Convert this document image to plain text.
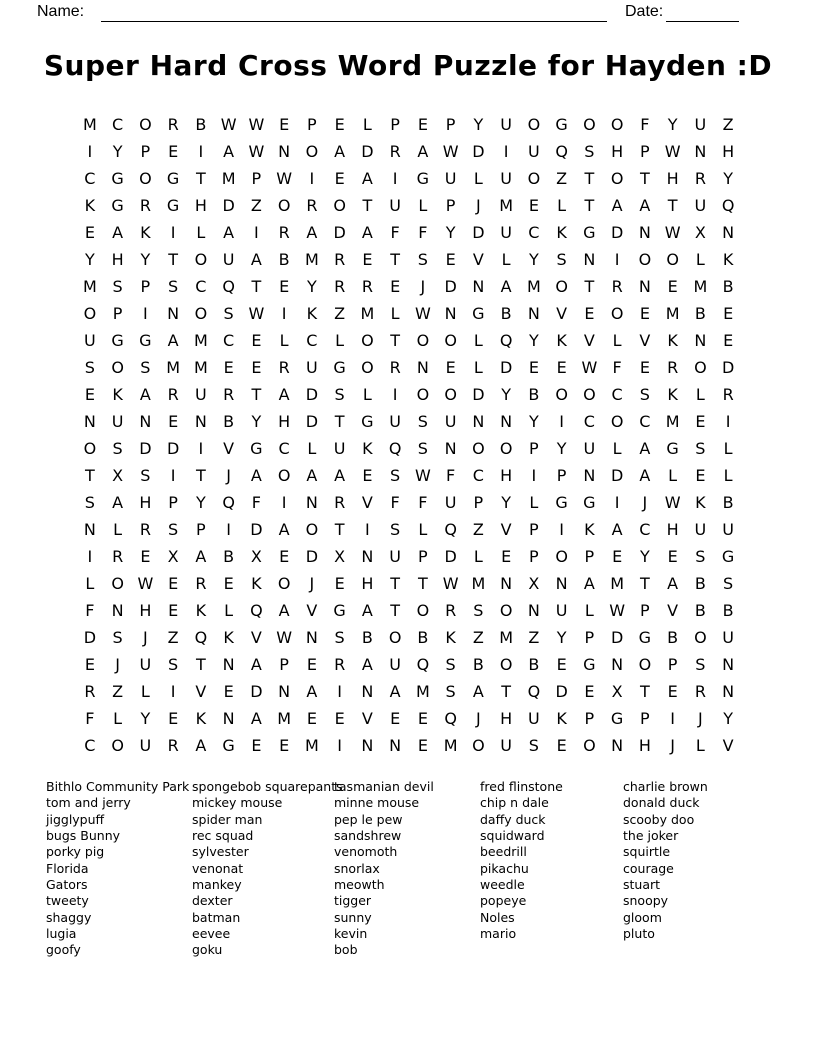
Name:	Date:
Super Hard Cross Word Puzzle for Hayden :D
M C O R	B W W E	P	E	L	P	E	P	Y	U O G O O	F	Y	U	Z
I	Y	P	E	I	A W N O A	D	R	A W D	I	U Q	S	H	P W N H
C G O G	T M	P W	I	E	A	I	G U	L	U O Z	T	O	T	H	R	Y
K	G R G H D	Z O R O	T	U	L	P	J	M E	L	T	A	A	T	U Q
E	A	K	I	L	A	I	R	A	D	A	F	F	Y	D U	C	K	G D N W X	N
Y	H	Y	T	O U	A	B M R	E	T	S	E	V	L	Y	S	N	I	O O	L	K
M S	P	S	C Q	T	E	Y	R	R	E	J	D N	A M O	T	R	N	E M B
O	P	I	N O	S W	I	K	Z M	L W N G	B	N	V	E	O	E M B	E
U G G	A M C	E	L	C	L	O	T	O O	L	Q	Y	K	V	L	V	K	N	E
S	O	S M M E	E	R	U G O R	N	E	L	D	E	E W F	E	R O D
E	K	A	R	U	R	T	A	D	S	L	I	O O D	Y	B O O C	S	K	L	R
N U N	E	N	B	Y	H D	T	G U	S	U N N	Y	I	C O C M E	I
O	S	D D	I	V	G C	L	U	K	Q	S	N O O	P	Y	U	L	A	G	S	L
T	X	S	I	T	J	A O A	A	E	S W F	C	H	I	P	N D	A	L	E	L
S	A	H	P	Y	Q	F	I	N	R	V	F	F	U	P	Y	L	G G	I	J	W K	B
N	L	R	S	P	I	D	A O	T	I	S	L	Q Z	V	P	I	K	A	C	H U	U
I	R	E	X	A	B	X	E	D	X	N U	P	D	L	E	P	O	P	E	Y	E	S	G
L	O W E	R	E	K	O	J	E	H	T	T W M N	X	N	A M T	A	B	S
F	N H	E	K	L	Q A	V	G	A	T	O R	S	O N U	L W P	V	B	B
D	S	J	Z Q	K	V W N	S	B O B	K	Z M Z	Y	P	D G	B O U
E	J	U	S	T	N	A	P	E	R	A	U Q	S	B O B	E	G N O	P	S	N
R	Z	L	I	V	E	D N	A	I	N	A M S	A	T	Q D	E	X	T	E	R	N
F	L	Y	E	K	N	A M E	E	V	E	E	Q	J	H U	K	P	G	P	I	J	Y
C O U	R	A	G	E	E M	I	N N	E M O U	S	E	O N H	J	L	V
Bithlo Community Park
tom and jerry
jigglypuff
bugs Bunny
porky pig
Florida
Gators
tweety
shaggy
lugia
goofy
spongebob squarepants
mickey mouse
spider man
rec squad
sylvester
venonat
mankey
dexter
batman
eevee
goku
tasmanian devil
minne mouse
pep le pew
sandshrew
venomoth
snorlax
meowth
tigger
sunny
kevin
bob
fred flinstone
chip n dale
daffy duck
squidward
beedrill
pikachu
weedle
popeye
Noles
mario
charlie brown
donald duck
scooby doo
the joker
squirtle
courage
stuart
snoopy
gloom
pluto
